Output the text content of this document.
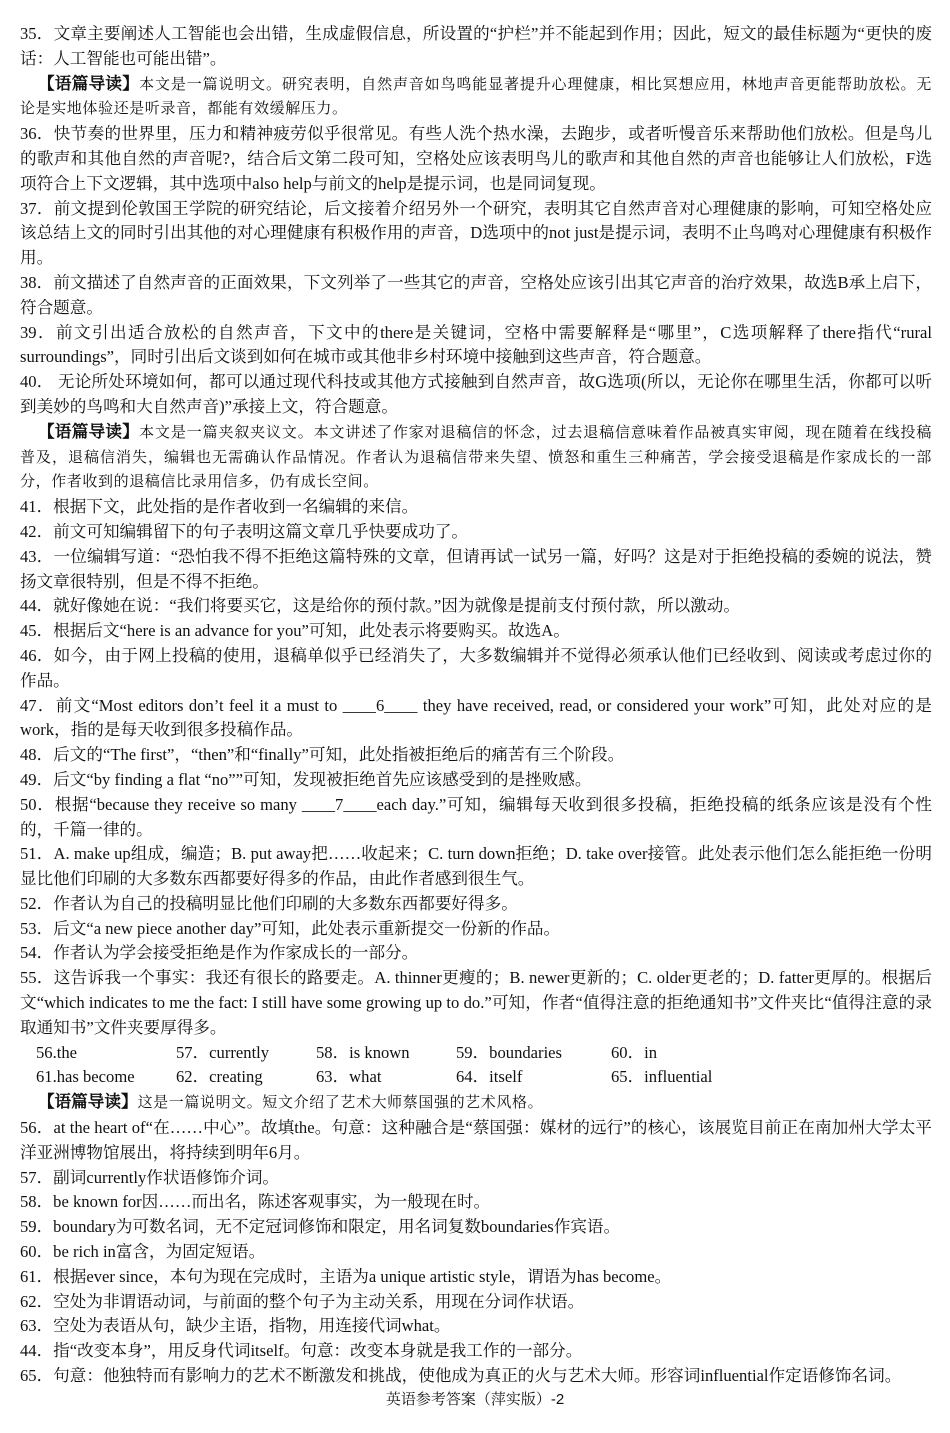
35．文章主要阐述人工智能也会出错，生成虚假信息，所设置的“护栏”并不能起到作用；因此，短文的最佳标题为“更快的废话：人工智能也可能出错”。

【语篇导读】本文是一篇说明文。研究表明，自然声音如鸟鸣能显著提升心理健康，相比冥想应用，林地声音更能帮助放松。无论是实地体验还是听录音，都能有效缓解压力。

36．快节奏的世界里，压力和精神疲劳似乎很常见。有些人洗个热水澡，去跑步，或者听慢音乐来帮助他们放松。但是鸟儿的歌声和其他自然的声音呢?，结合后文第二段可知，空格处应该表明鸟儿的歌声和其他自然的声音也能够让人们放松，F选项符合上下文逻辑，其中选项中also help与前文的help是提示词，也是同词复现。

37．前文提到伦敦国王学院的研究结论，后文接着介绍另外一个研究，表明其它自然声音对心理健康的影响，可知空格处应该总结上文的同时引出其他的对心理健康有积极作用的声音，D选项中的not just是提示词，表明不止鸟鸣对心理健康有积极作用。

38．前文描述了自然声音的正面效果，下文列举了一些其它的声音，空格处应该引出其它声音的治疗效果，故选B承上启下，符合题意。

39．前文引出适合放松的自然声音，下文中的there是关键词，空格中需要解释是“哪里”，C选项解释了there指代“rural surroundings”，同时引出后文谈到如何在城市或其他非乡村环境中接触到这些声音，符合题意。

40． 无论所处环境如何，都可以通过现代科技或其他方式接触到自然声音，故G选项(所以，无论你在哪里生活，你都可以听到美妙的鸟鸣和大自然声音)”承接上文，符合题意。

【语篇导读】本文是一篇夹叙夹议文。本文讲述了作家对退稿信的怀念，过去退稿信意味着作品被真实审阅，现在随着在线投稿普及，退稿信消失，编辑也无需确认作品情况。作者认为退稿信带来失望、愤怒和重生三种痛苦，学会接受退稿是作家成长的一部分，作者收到的退稿信比录用信多，仍有成长空间。

41．根据下文，此处指的是作者收到一名编辑的来信。

42．前文可知编辑留下的句子表明这篇文章几乎快要成功了。

43．一位编辑写道：“恐怕我不得不拒绝这篇特殊的文章，但请再试一试另一篇，好吗？这是对于拒绝投稿的委婉的说法，赞扬文章很特别，但是不得不拒绝。

44．就好像她在说：“我们将要买它，这是给你的预付款。”因为就像是提前支付预付款，所以激动。

45．根据后文“here is an advance for you”可知，此处表示将要购买。故选A。

46．如今，由于网上投稿的使用，退稿单似乎已经消失了，大多数编辑并不觉得必须承认他们已经收到、阅读或考虑过你的作品。

47．前文“Most editors don’t feel it a must to ____6____ they have received, read, or considered your work”可知，此处对应的是work，指的是每天收到很多投稿作品。

48．后文的“The first”，“then”和“finally”可知，此处指被拒绝后的痛苦有三个阶段。

49．后文“by finding a flat “no””可知，发现被拒绝首先应该感受到的是挫败感。

50．根据“because they receive so many ____7____each day.”可知，编辑每天收到很多投稿，拒绝投稿的纸条应该是没有个性的，千篇一律的。

51．A. make up组成，编造；B. put away把……收起来；C. turn down拒绝；D. take over接管。此处表示他们怎么能拒绝一份明显比他们印刷的大多数东西都要好得多的作品，由此作者感到很生气。

52．作者认为自己的投稿明显比他们印刷的大多数东西都要好得多。

53．后文“a new piece another day”可知，此处表示重新提交一份新的作品。

54．作者认为学会接受拒绝是作为作家成长的一部分。

55．这告诉我一个事实：我还有很长的路要走。A. thinner更瘦的；B. newer更新的；C. older更老的；D. fatter更厚的。根据后文“which indicates to me the fact: I still have some growing up to do.”可知，作者“值得注意的拒绝通知书”文件夹比“值得注意的录取通知书”文件夹要厚得多。

56.the	57．currently	58．is known	59．boundaries	60．in
61.has become	62．creating	63．what	64．itself	65．influential

【语篇导读】这是一篇说明文。短文介绍了艺术大师蔡国强的艺术风格。

56．at the heart of“在……中心”。故填the。句意：这种融合是“蔡国强：媒材的远行”的核心，该展览目前正在南加州大学太平洋亚洲博物馆展出，将持续到明年6月。

57．副词currently作状语修饰介词。

58．be known for因……而出名，陈述客观事实，为一般现在时。

59．boundary为可数名词，无不定冠词修饰和限定，用名词复数boundaries作宾语。

60．be rich in富含，为固定短语。

61．根据ever since，本句为现在完成时，主语为a unique artistic style，谓语为has become。

62．空处为非谓语动词，与前面的整个句子为主动关系，用现在分词作状语。

63．空处为表语从句，缺少主语，指物，用连接代词what。

44．指“改变本身”，用反身代词itself。句意：改变本身就是我工作的一部分。

65．句意：他独特而有影响力的艺术不断激发和挑战，使他成为真正的火与艺术大师。形容词influential作定语修饰名词。

英语参考答案（萍实版）-2
